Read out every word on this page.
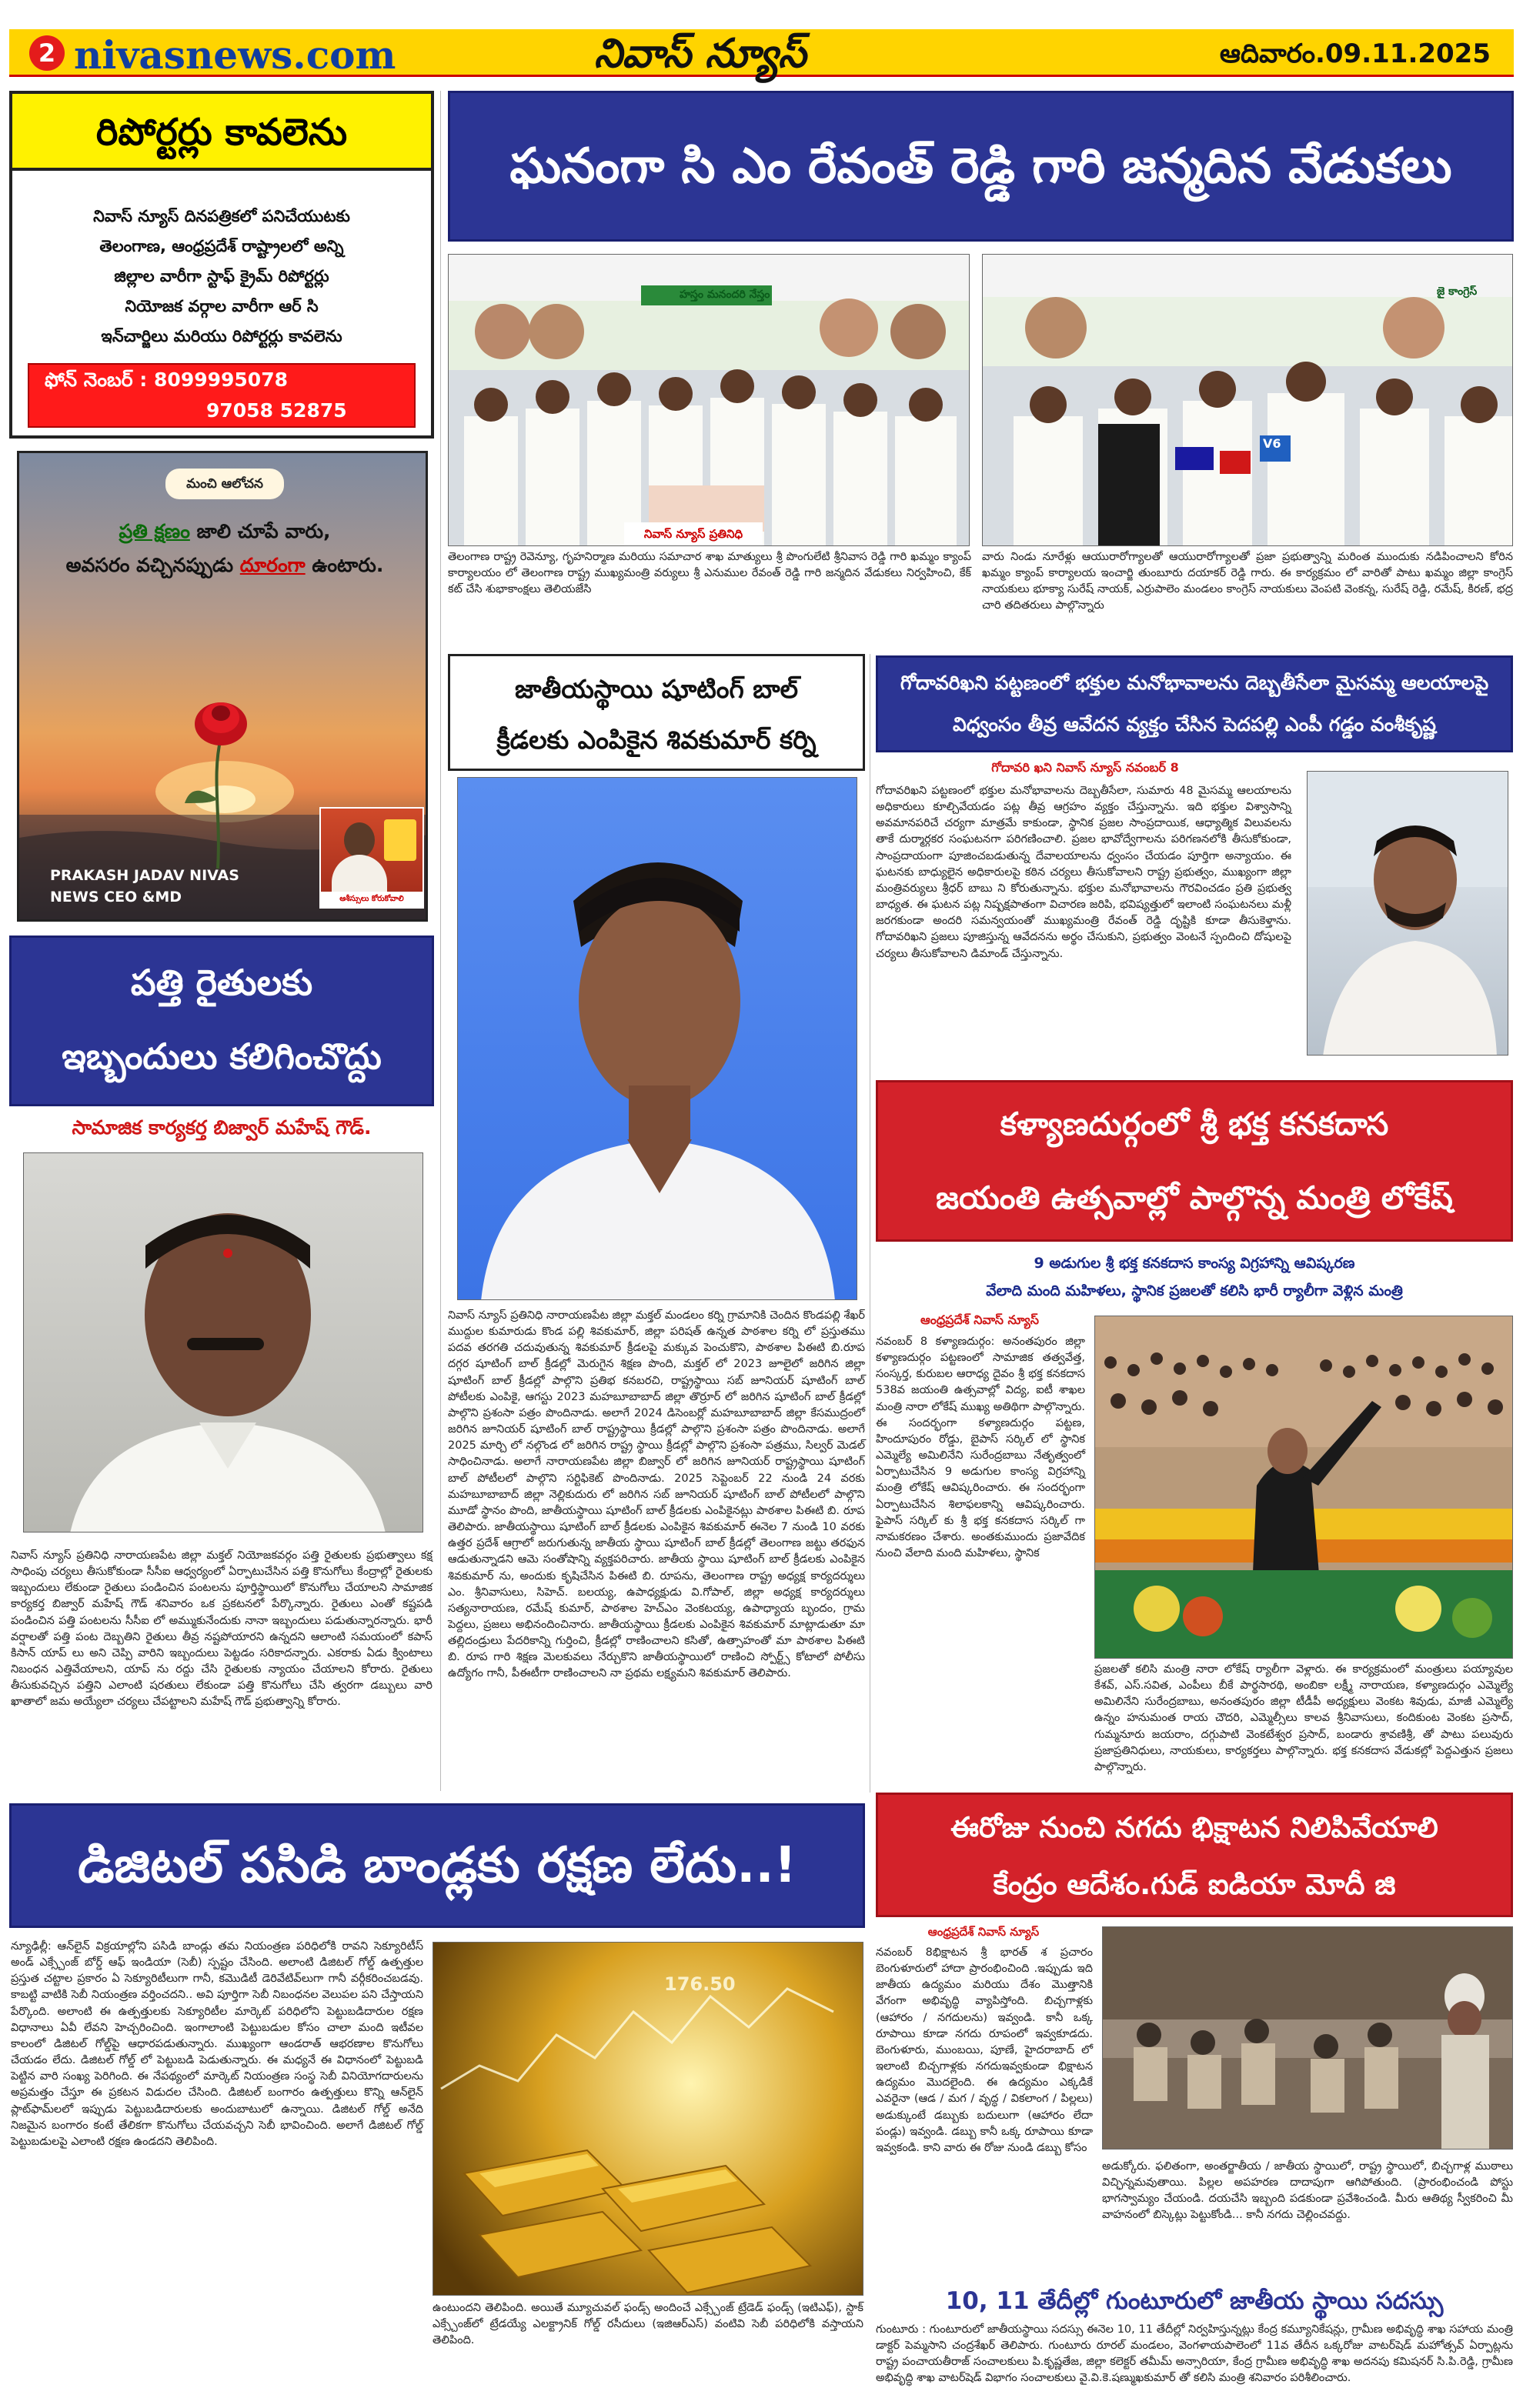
2 nivasnews.com	నివాస్ న్యూస్	ఆదివారం.09.11.2025
రిపోర్టర్లు కావలెను
నివాస్ న్యూస్ దినపత్రికలో పనిచేయుటకు
తెలంగాణ, ఆంధ్రప్రదేశ్ రాష్ట్రాలలో అన్ని
జిల్లాల వారీగా స్టాఫ్ క్రైమ్ రిపోర్టర్లు
నియోజక వర్గాల వారీగా ఆర్ సి
ఇన్‌చార్జిలు మరియు రిపోర్టర్లు కావలెను
ఫోన్ నెంబర్ : 8099995078
97058 52875
మంచి ఆలోచన
ప్రతి క్షణం జాలి చూపే వారు,
అవసరం వచ్చినప్పుడు దూరంగా ఉంటారు.
PRAKASH JADAV NIVAS NEWS CEO &MD	ఆశీస్సులు కోరుకోవాలి
పత్తి రైతులకు
ఇబ్బందులు కలిగించొద్దు
సామాజిక కార్యకర్త బిజ్వార్ మహేష్ గౌడ్.
నివాస్ న్యూస్ ప్రతినిధి నారాయణపేట జిల్లా మక్తల్ నియోజకవర్గం పత్తి రైతులకు ప్రభుత్వాలు కక్ష సాధింపు చర్యలు తీసుకోకుండా సీసీఐ ఆధ్వర్యంలో ఏర్పాటుచేసిన పత్తి కొనుగోలు కేంద్రాల్లో రైతులకు ఇబ్బందులు లేకుండా రైతులు పండించిన పంటలను పూర్తిస్థాయిలో కొనుగోలు చేయాలని సామాజిక కార్యకర్త బిజ్వార్ మహేష్ గౌడ్ శనివారం ఒక ప్రకటనలో పేర్కొన్నారు. రైతులు ఎంతో కష్టపడి పండించిన పత్తి పంటలను సీసీఐ లో అమ్ముకునేందుకు నానా ఇబ్బందులు పడుతున్నారన్నారు. భారీ వర్షాలతో పత్తి పంట దెబ్బతిని రైతులు తీవ్ర నష్టపోయారని ఉన్నదని ఆలాంటి సమయంలో కపాస్ కిసాన్ యాప్ లు అని చెప్పి వారిని ఇబ్బందులు పెట్టడం సరికాదన్నారు. ఎకరాకు ఏడు క్వింటాలు నిబంధన ఎత్తివేయాలని, యాప్ ను రద్దు చేసి రైతులకు న్యాయం చేయాలని కోరారు. రైతులు తీసుకువచ్చిన పత్తిని ఎలాంటి షరతులు లేకుండా పత్తి కొనుగోలు చేసి త్వరగా డబ్బులు వారి ఖాతాలో జమ అయ్యేలా చర్యలు చేపట్టాలని మహేష్ గౌడ్ ప్రభుత్వాన్ని కోరారు.
ఘనంగా సి ఎం రేవంత్ రెడ్డి గారి జన్మదిన వేడుకలు
హస్తం మనందరి నేస్తం
నివాస్ న్యూస్ ప్రతినిధి
V6
జై కాంగ్రెస్
తెలంగాణ రాష్ట్ర రెవెన్యూ, గృహనిర్మాణ మరియు సమాచార శాఖ మాత్యులు శ్రీ పొంగులేటి శ్రీనివాస రెడ్డి గారి ఖమ్మం క్యాంప్ కార్యాలయం లో తెలంగాణ రాష్ట్ర ముఖ్యమంత్రి వర్యులు శ్రీ ఎనుముల రేవంత్ రెడ్డి గారి జన్మదిన వేడుకలు నిర్వహించి, కేక్ కట్ చేసి శుభాకాంక్షలు తెలియజేసి
వారు నిండు నూరేళ్లు ఆయురారోగ్యాలతో ఆయురారోగ్యాలతో ప్రజా ప్రభుత్వాన్ని మరింత ముందుకు నడిపించాలని కోరిన ఖమ్మం క్యాంప్ కార్యాలయ ఇంచార్జి తుంబూరు దయాకర్ రెడ్డి గారు. ఈ కార్యక్రమం లో వారితో పాటు ఖమ్మం జిల్లా కాంగ్రెస్ నాయకులు భూక్యా సురేష్ నాయక్, ఎర్రుపాలెం మండలం కాంగ్రెస్ నాయకులు వెంపటి వెంకన్న, సురేష్ రెడ్డి, రమేష్, కిరణ్, భద్ర చారి తదితరులు పాల్గొన్నారు
జాతీయస్థాయి షూటింగ్ బాల్
క్రీడలకు ఎంపికైన శివకుమార్ కర్ని
నివాస్ న్యూస్ ప్రతినిధి నారాయణపేట జిల్లా మక్తల్ మండలం కర్ని గ్రామానికి చెందిన కొండపల్లి శేఖర్ ముద్దుల కుమారుడు కొండ పల్లి శివకుమార్, జిల్లా పరిషత్ ఉన్నత పాఠశాల కర్ని లో ప్రస్తుతము పదవ తరగతి చదువుతున్న శివకుమార్ క్రీడలపై మక్కువ పెంచుకొని, పాఠశాల పిఈటి బి.రూప దగ్గర షూటింగ్ బాల్ క్రీడల్లో మెరుగైన శిక్షణ పొంది, మక్తల్ లో 2023 జూలైలో జరిగిన జిల్లా షూటింగ్ బాల్ క్రీడల్లో పాల్గొని ప్రతిభ కనబరచి, రాష్ట్రస్థాయి సబ్ జూనియర్ షూటింగ్ బాల్ పోటీలకు ఎంపికై, ఆగస్టు 2023 మహబూబాబాద్ జిల్లా తొర్రూర్ లో జరిగిన షూటింగ్ బాల్ క్రీడల్లో పాల్గొని ప్రశంసా పత్రం పొందినాడు. అలాగే 2024 డిసెంబర్లో మహబూబాబాద్ జిల్లా కేసముద్రంలో జరిగిన జూనియర్ షూటింగ్ బాల్ రాష్ట్రస్థాయి క్రీడల్లో పాల్గొని ప్రశంసా పత్రం పొందినాడు. అలాగే 2025 మార్చి లో నల్గొండ లో జరిగిన రాష్ట్ర స్థాయి క్రీడల్లో పాల్గొని ప్రశంసా పత్రము, సిల్వర్ మెడల్ సాధించినాడు. అలాగే నారాయణపేట జిల్లా బిజ్వార్ లో జరిగిన జూనియర్ రాష్ట్రస్థాయి షూటింగ్ బాల్ పోటీలలో పాల్గొని సర్టిఫికెట్ పొందినాడు. 2025 సెప్టెంబర్ 22 నుండి 24 వరకు మహబూబాబాద్ జిల్లా నెల్లికుదురు లో జరిగిన సబ్ జూనియర్ షూటింగ్ బాల్ పోటీలలో పాల్గొని మూడో స్థానం పొంది, జాతీయస్థాయి షూటింగ్ బాల్ క్రీడలకు ఎంపికైనట్లు పాఠశాల పిఈటి బి. రూప తెలిపారు. జాతీయస్థాయి షూటింగ్ బాల్ క్రీడలకు ఎంపికైన శివకుమార్ ఈనెల 7 నుండి 10 వరకు ఉత్తర ప్రదేశ్ ఆగ్రాలో జరుగుతున్న జాతీయ స్థాయి షూటింగ్ బాల్ క్రీడల్లో తెలంగాణ జట్టు తరఫున ఆడుతున్నాడని ఆమె సంతోషాన్ని వ్యక్తపరిచారు. జాతీయ స్థాయి షూటింగ్ బాల్ క్రీడలకు ఎంపికైన శివకుమార్ ను, అందుకు కృషిచేసిన పిఈటి బి. రూపను, తెలంగాణ రాష్ట్ర అధ్యక్ష కార్యదర్శులు ఎం. శ్రీనివాసులు, సిహెచ్. బలయ్య, ఉపాధ్యక్షుడు వి.గోపాల్, జిల్లా అధ్యక్ష కార్యదర్శులు సత్యనారాయణ, రమేష్ కుమార్, పాఠశాల హెచ్ఎం వెంకటయ్య, ఉపాధ్యాయ బృందం, గ్రామ పెద్దలు, ప్రజలు అభినందించినారు. జాతీయస్థాయి క్రీడలకు ఎంపికైన శివకుమార్ మాట్లాడుతూ మా తల్లిదండ్రులు పేదరికాన్ని గుర్తించి, క్రీడల్లో రాణించాలని కసితో, ఉత్సాహంతో మా పాఠశాల పిఈటి బి. రూప గారి శిక్షణ మెలకువలు నేర్చుకొని జాతీయస్థాయిలో రాణించి స్పోర్ట్స్ కోటాలో పోలీసు ఉద్యోగం గానీ, పీఈటీగా రాణించాలని నా ప్రథమ లక్ష్యమని శివకుమార్ తెలిపారు.
గోదావరిఖని పట్టణంలో భక్తుల మనోభావాలను దెబ్బతీసేలా మైసమ్మ ఆలయాలపై
విధ్వంసం తీవ్ర ఆవేదన వ్యక్తం చేసిన పెదపల్లి ఎంపీ గడ్డం వంశీకృష్ణ
గోదావరి ఖని నివాస్ న్యూస్ నవంబర్ 8
గోదావరిఖని పట్టణంలో భక్తుల మనోభావాలను దెబ్బతీసేలా, సుమారు 48 మైసమ్మ ఆలయాలను అధికారులు కూల్చివేయడం పట్ల తీవ్ర ఆగ్రహం వ్యక్తం చేస్తున్నాను. ఇది భక్తుల విశ్వాసాన్ని అవమానపరిచే చర్యగా మాత్రమే కాకుండా, స్థానిక ప్రజల సాంప్రదాయిక, ఆధ్యాత్మిక విలువలను తాకే దుర్మార్గకర సంఘటనగా పరిగణించాలి. ప్రజల భావోద్వేగాలను పరిగణనలోకి తీసుకోకుండా, సాంప్రదాయంగా పూజించబడుతున్న దేవాలయాలను ధ్వంసం చేయడం పూర్తిగా అన్యాయం. ఈ ఘటనకు బాధ్యులైన అధికారులపై కఠిన చర్యలు తీసుకోవాలని రాష్ట్ర ప్రభుత్వం, ముఖ్యంగా జిల్లా మంత్రివర్యులు శ్రీధర్ బాబు ని కోరుతున్నాను. భక్తుల మనోభావాలను గౌరవించడం ప్రతి ప్రభుత్వ బాధ్యత. ఈ ఘటన పట్ల నిష్పక్షపాతంగా విచారణ జరిపి, భవిష్యత్తులో ఇలాంటి సంఘటనలు మళ్లీ జరగకుండా అందరి సమన్వయంతో ముఖ్యమంత్రి రేవంత్ రెడ్డి దృష్టికి కూడా తీసుకెళ్తాను. గోదావరిఖని ప్రజలు పూజిస్తున్న ఆవేదనను అర్థం చేసుకుని, ప్రభుత్వం వెంటనే స్పందించి దోషులపై చర్యలు తీసుకోవాలని డిమాండ్ చేస్తున్నాను.
కళ్యాణదుర్గంలో శ్రీ భక్త కనకదాస
జయంతి ఉత్సవాల్లో పాల్గొన్న మంత్రి లోకేష్
9 అడుగుల శ్రీ భక్త కనకదాస కాంస్య విగ్రహాన్ని ఆవిష్కరణ
వేలాది మంది మహిళలు, స్థానిక ప్రజలతో కలిసి భారీ ర్యాలీగా వెళ్లిన మంత్రి
ఆంధ్రప్రదేశ్ నివాస్ న్యూస్
నవంబర్ 8 కళ్యాణదుర్గం: అనంతపురం జిల్లా కళ్యాణదుర్గం పట్టణంలో సామాజిక తత్వవేత్త, సంస్కర్త, కురుబల ఆరాధ్య దైవం శ్రీ భక్త కనకదాస 538వ జయంతి ఉత్సవాల్లో విద్య, ఐటీ శాఖల మంత్రి నారా లోకేష్ ముఖ్య అతిథిగా పాల్గొన్నారు. ఈ సందర్భంగా కళ్యాణదుర్గం పట్టణ, హిందూపురం రోడ్డు, బైపాస్ సర్కిల్ లో స్థానిక ఎమ్మెల్యే అమిలినేని సురేంద్రబాబు నేతృత్వంలో ఏర్పాటుచేసిన 9 అడుగుల కాంస్య విగ్రహాన్ని మంత్రి లోకేష్ ఆవిష్కరించారు. ఈ సందర్భంగా ఏర్పాటుచేసిన శిలాఫలకాన్ని ఆవిష్కరించారు. ఫైపాస్ సర్కిల్ కు శ్రీ భక్త కనకదాస సర్కిల్ గా నామకరణం చేశారు. అంతకుముందు ప్రజావేదిక నుంచి వేలాది మంది మహిళలు, స్థానిక
ప్రజలతో కలిసి మంత్రి నారా లోకేష్ ర్యాలీగా వెళ్లారు. ఈ కార్యక్రమంలో మంత్రులు పయ్యావుల కేశవ్, ఎస్.సవిత, ఎంపీలు బీకే పార్థసారథి, అంబికా లక్ష్మీ నారాయణ, కళ్యాణదుర్గం ఎమ్మెల్యే అమిలినేని సురేంద్రబాబు, అనంతపురం జిల్లా టీడీపీ అధ్యక్షులు వెంకట శివుడు, మాజీ ఎమ్మెల్యే ఉన్నం హనుమంత రాయ చౌదరి, ఎమ్మెల్సీలు కాలవ శ్రీనివాసులు, కందికుంట వెంకట ప్రసాద్, గుమ్మనూరు జయరాం, దగ్గుపాటి వెంకటేశ్వర ప్రసాద్, బండారు శ్రావణిశ్రీ, తో పాటు పలువురు ప్రజాప్రతినిధులు, నాయకులు, కార్యకర్తలు పాల్గొన్నారు. భక్త కనకదాస వేడుకల్లో పెద్దఎత్తున ప్రజలు పాల్గొన్నారు.
ఈరోజు నుంచి నగదు భిక్షాటన నిలిపివేయాలి
కేంద్రం ఆదేశం.గుడ్ ఐడియా మోదీ జి
ఆంధ్రప్రదేశ్ నివాస్ న్యూస్
నవంబర్ 8భిక్షాటన శ్రీ భారత్ శ ప్రచారం బెంగుళూరులో హాదా ప్రారంభించింది .ఇప్పుడు ఇది జాతీయ ఉద్యమం మరియు దేశం మొత్తానికి వేగంగా అభివృద్ధి వ్యాపిస్తోంది. బిచ్చగాళ్లకు (ఆహారం / నగదులను) ఇవ్వండి. కానీ ఒక్క రూపాయి కూడా నగదు రూపంలో ఇవ్వకూడదు. బెంగుళూరు, ముంబయి, పూణే, హైదరాబాద్ లో ఇలాంటి బిచ్చగాళ్లకు నగదుఇవ్వకుండా భిక్షాటన ఉద్యమం మొదలైంది. ఈ ఉద్యమం ఎక్కడికే ఎవరైనా (ఆడ / మగ / వృద్ధ / వికలాంగ / పిల్లలు) అడుక్కుంటే డబ్బుకు బదులుగా (ఆహారం లేదా పండ్లు) ఇవ్వండి. డబ్బు కానీ ఒక్క రూపాయి కూడా ఇవ్వకండి. కాని వారు ఈ రోజు నుండి డబ్బు కోసం
అడుక్కోరు. ఫలితంగా, అంతర్జాతీయ / జాతీయ స్థాయిలో, రాష్ట్ర స్థాయిలో, బిచ్చగాళ్ల ముఠాలు విచ్ఛిన్నమవుతాయి. పిల్లల అపహరణ దాదాపుగా ఆగిపోతుంది. (ప్రారంభించండి పోస్టు భాగస్వామ్యం చేయండి. దయచేసి ఇబ్బంది పడకుండా ప్రవేశించండి. మీరు ఆతిథ్య స్వీకరించి మీ వాహనంలో బిస్కెట్లు పెట్టుకోండి... కానీ నగదు చెల్లించవద్దు.
10, 11 తేదీల్లో గుంటూరులో జాతీయ స్థాయి సదస్సు
గుంటూరు : గుంటూరులో జాతీయస్థాయి సదస్సు ఈనెల 10, 11 తేదీల్లో నిర్వహిస్తున్నట్లు కేంద్ర కమ్యూనికేషన్లు, గ్రామీణ అభివృద్ధి శాఖ సహాయ మంత్రి డాక్టర్ పెమ్మసాని చంద్రశేఖర్ తెలిపారు. గుంటూరు రూరల్ మండలం, వెంగళాయపాలెంలో 11వ తేదీన ఒక్కరోజు వాటర్‌షెడ్ మహోత్సవ్ ఏర్పాట్లను రాష్ట్ర పంచాయతీరాజ్ సంచాలకులు పి.కృష్ణతేజ, జిల్లా కలెక్టర్ తమీమ్ అన్సారియా, కేంద్ర గ్రామీణ అభివృద్ధి శాఖ అదనపు కమిషనర్ సి.పి.రెడ్డి, గ్రామీణ అభివృద్ధి శాఖ వాటర్‌షెడ్ విభాగం సంచాలకులు వై.వి.కె.షణ్ముఖకుమార్ తో కలిసి మంత్రి శనివారం పరిశీలించారు.
డిజిటల్ పసిడి బాండ్లకు రక్షణ లేదు..!
న్యూఢిల్లీ: ఆన్‌లైన్ విక్రయాల్లోని పసిడి బాండ్లు తమ నియంత్రణ పరిధిలోకి రావని సెక్యూరిటీస్ అండ్ ఎక్స్చేంజ్ బోర్డ్ ఆఫ్ ఇండియా (సెబీ) స్పష్టం చేసింది. అలాంటి డిజిటల్ గోల్డ్ ఉత్పత్తుల ప్రస్తుత చట్టాల ప్రకారం ఏ సెక్యూరిటీలుగా గానీ, కమొడిటీ డెరివేటివ్‌లుగా గానీ వర్గీకరించబడవు. కాబట్టి వాటికి సెబీ నియంత్రణ వర్తించదని.. అవి పూర్తిగా సెబీ నిబంధనల వెలుపల పని చేస్తాయని పేర్కొంది. అలాంటి ఈ ఉత్పత్తులకు సెక్యూరిటీల మార్కెట్ పరిధిలోని పెట్టుబడిదారుల రక్షణ విధానాలు ఏవీ లేవని హెచ్చరించింది. ఇంగాలాంటి పెట్టుబడుల కోసం చాలా మంది ఇటీవల కాలంలో డిజిటల్ గోల్డ్‌పై ఆధారపడుతున్నారు. ముఖ్యంగా ఆండరాత్ ఆభరణాల కొనుగోలు చేయడం లేదు. డిజిటల్ గోల్డ్ లో పెట్టుబడి పెడుతున్నారు. ఈ మధ్యనే ఈ విధానంలో పెట్టుబడి పెట్టిన వారి సంఖ్య పెరిగింది. ఈ నేపథ్యంలో మార్కెట్ నియంత్రణ సంస్థ సెబీ వినియోగదారులను అప్రమత్తం చేస్తూ ఈ ప్రకటన విడుదల చేసింది. డిజిటల్ బంగారం ఉత్పత్తులు కొన్ని ఆన్‌లైన్ ప్లాట్‌ఫామ్‌లలో ఇప్పుడు పెట్టుబడిదారులకు అందుబాటులో ఉన్నాయి. డిజిటల్ గోల్డ్ అనేది నిజమైన బంగారం కంటే తేలికగా కొనుగోలు చేయవచ్చని సెబీ భావించింది. అలాగే డిజిటల్ గోల్డ్ పెట్టుబడులపై ఎలాంటి రక్షణ ఉండదని తెలిపింది.
176.50
ఉంటుందని తెలిపింది. అయితే మ్యూచువల్ ఫండ్స్ అందించే ఎక్స్చేంజ్ ట్రేడెడ్ ఫండ్స్ (ఇటిఎఫ్), స్టాక్ ఎక్స్చేంజ్‌లో ట్రేడయ్యే ఎలక్ట్రానిక్ గోల్డ్ రసీదులు (ఇజిఆర్‌ఎస్) వంటివి సెబీ పరిధిలోకి వస్తాయని తెలిపింది.
